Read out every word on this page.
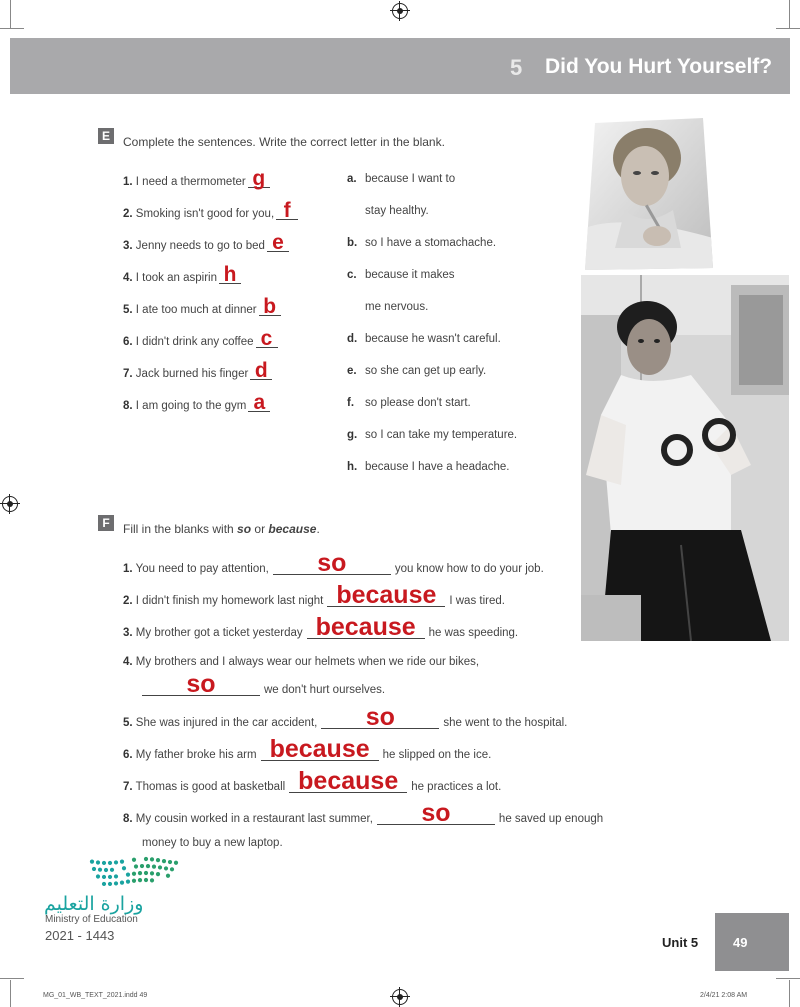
5 Did You Hurt Yourself?
E	Complete the sentences. Write the correct letter in the blank.
1. I need a thermometer g
2. Smoking isn't good for you, f
3. Jenny needs to go to bed e
4. I took an aspirin h
5. I ate too much at dinner b
6. I didn't drink any coffee c
7. Jack burned his finger d
8. I am going to the gym a
a. because I want to
stay healthy.
b. so I have a stomachache.
c. because it makes
me nervous.
d. because he wasn't careful.
e. so she can get up early.
f. so please don't start.
g. so I can take my temperature.
h. because I have a headache.
F	Fill in the blanks with so or because.
1. You need to pay attention,	so	you know how to do your job.
2. I didn't finish my homework last night because	I was tired.
3. My brother got a ticket yesterday because	he was speeding.
4. My brothers and I always wear our helmets when we ride our bikes,
so	we don't hurt ourselves.
5. She was injured in the car accident,	so	she went to the hospital.
6. My father broke his arm because	he slipped on the ice.
7. Thomas is good at basketball because	he practices a lot.
8. My cousin worked in a restaurant last summer,	so	he saved up enough
money to buy a new laptop.
وزارة التعليم
Ministry of Education
2021 - 1443	Unit 5	49
MG_01_WB_TEXT_2021.indd 49	2/4/21 2:08 AM
